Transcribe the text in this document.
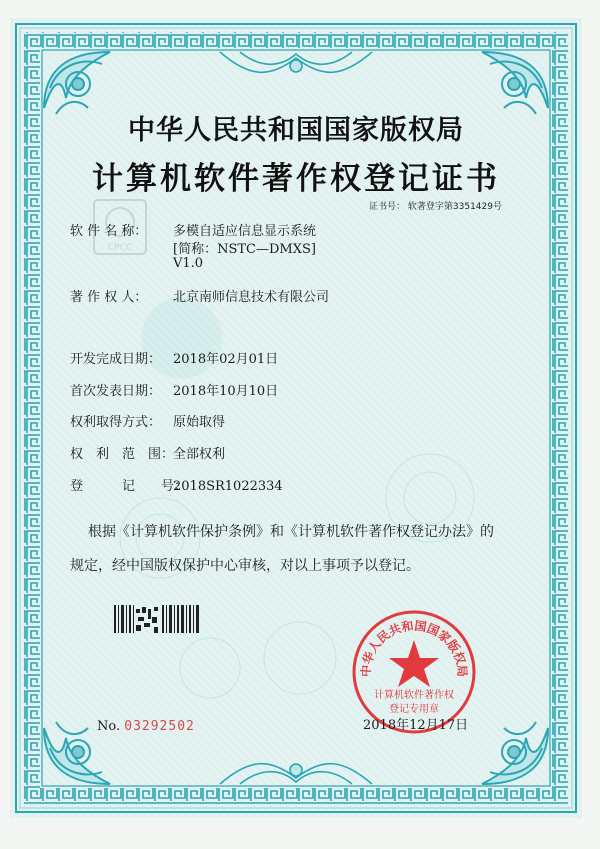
CPCC
中华人民共和国国家版权局
计算机软件著作权登记证书
证书号： 软著登字第3351429号
软 件 名 称： 多模自适应信息显示系统
[简称：NSTC—DMXS]
V1.0
著 作 权 人： 北京南师信息技术有限公司
开发完成日期： 2018年02月01日
首次发表日期： 2018年10月10日
权利取得方式： 原始取得
权　利　范　围：全部权利
登　　　记　　号：2018SR1022334
根据《计算机软件保护条例》和《计算机软件著作权登记办法》的
规定，经中国版权保护中心审核，对以上事项予以登记。
No. 03292502
中华人民共和国国家版权局
计算机软件著作权
登记专用章
2018年12月17日
